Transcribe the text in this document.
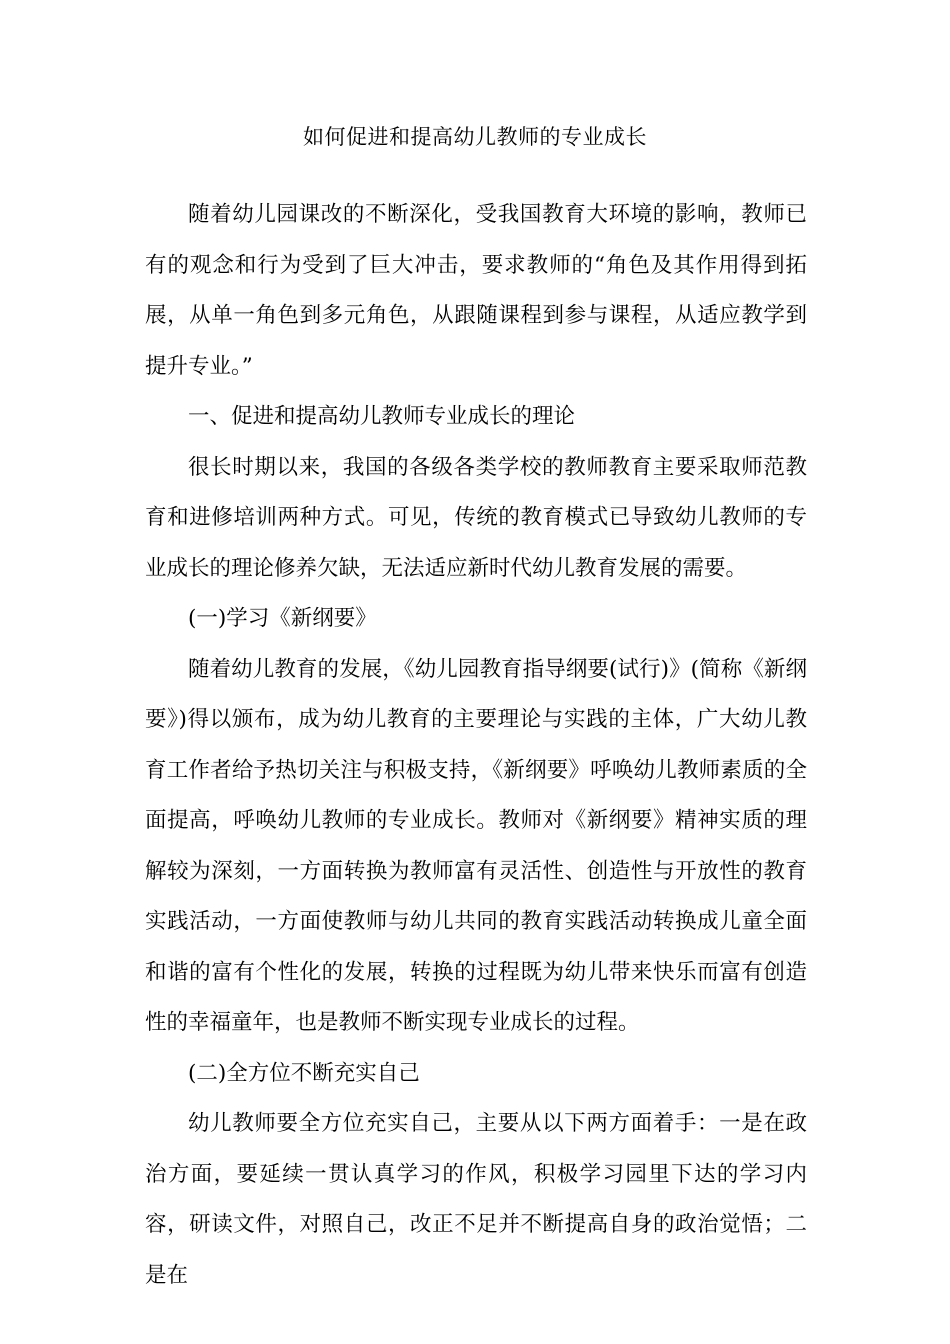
如何促进和提高幼儿教师的专业成长

随着幼儿园课改的不断深化，受我国教育大环境的影响，教师已有的观念和行为受到了巨大冲击，要求教师的“角色及其作用得到拓展，从单一角色到多元角色，从跟随课程到参与课程，从适应教学到提升专业。”

一、促进和提高幼儿教师专业成长的理论

很长时期以来，我国的各级各类学校的教师教育主要采取师范教育和进修培训两种方式。可见，传统的教育模式已导致幼儿教师的专业成长的理论修养欠缺，无法适应新时代幼儿教育发展的需要。

(一)学习《新纲要》

随着幼儿教育的发展，《幼儿园教育指导纲要(试行)》(简称《新纲要》)得以颁布，成为幼儿教育的主要理论与实践的主体，广大幼儿教育工作者给予热切关注与积极支持，《新纲要》呼唤幼儿教师素质的全面提高，呼唤幼儿教师的专业成长。教师对《新纲要》精神实质的理解较为深刻，一方面转换为教师富有灵活性、创造性与开放性的教育实践活动，一方面使教师与幼儿共同的教育实践活动转换成儿童全面和谐的富有个性化的发展，转换的过程既为幼儿带来快乐而富有创造性的幸福童年，也是教师不断实现专业成长的过程。

(二)全方位不断充实自己

幼儿教师要全方位充实自己，主要从以下两方面着手：一是在政治方面，要延续一贯认真学习的作风，积极学习园里下达的学习内容，研读文件，对照自己，改正不足并不断提高自身的政治觉悟；二是在
